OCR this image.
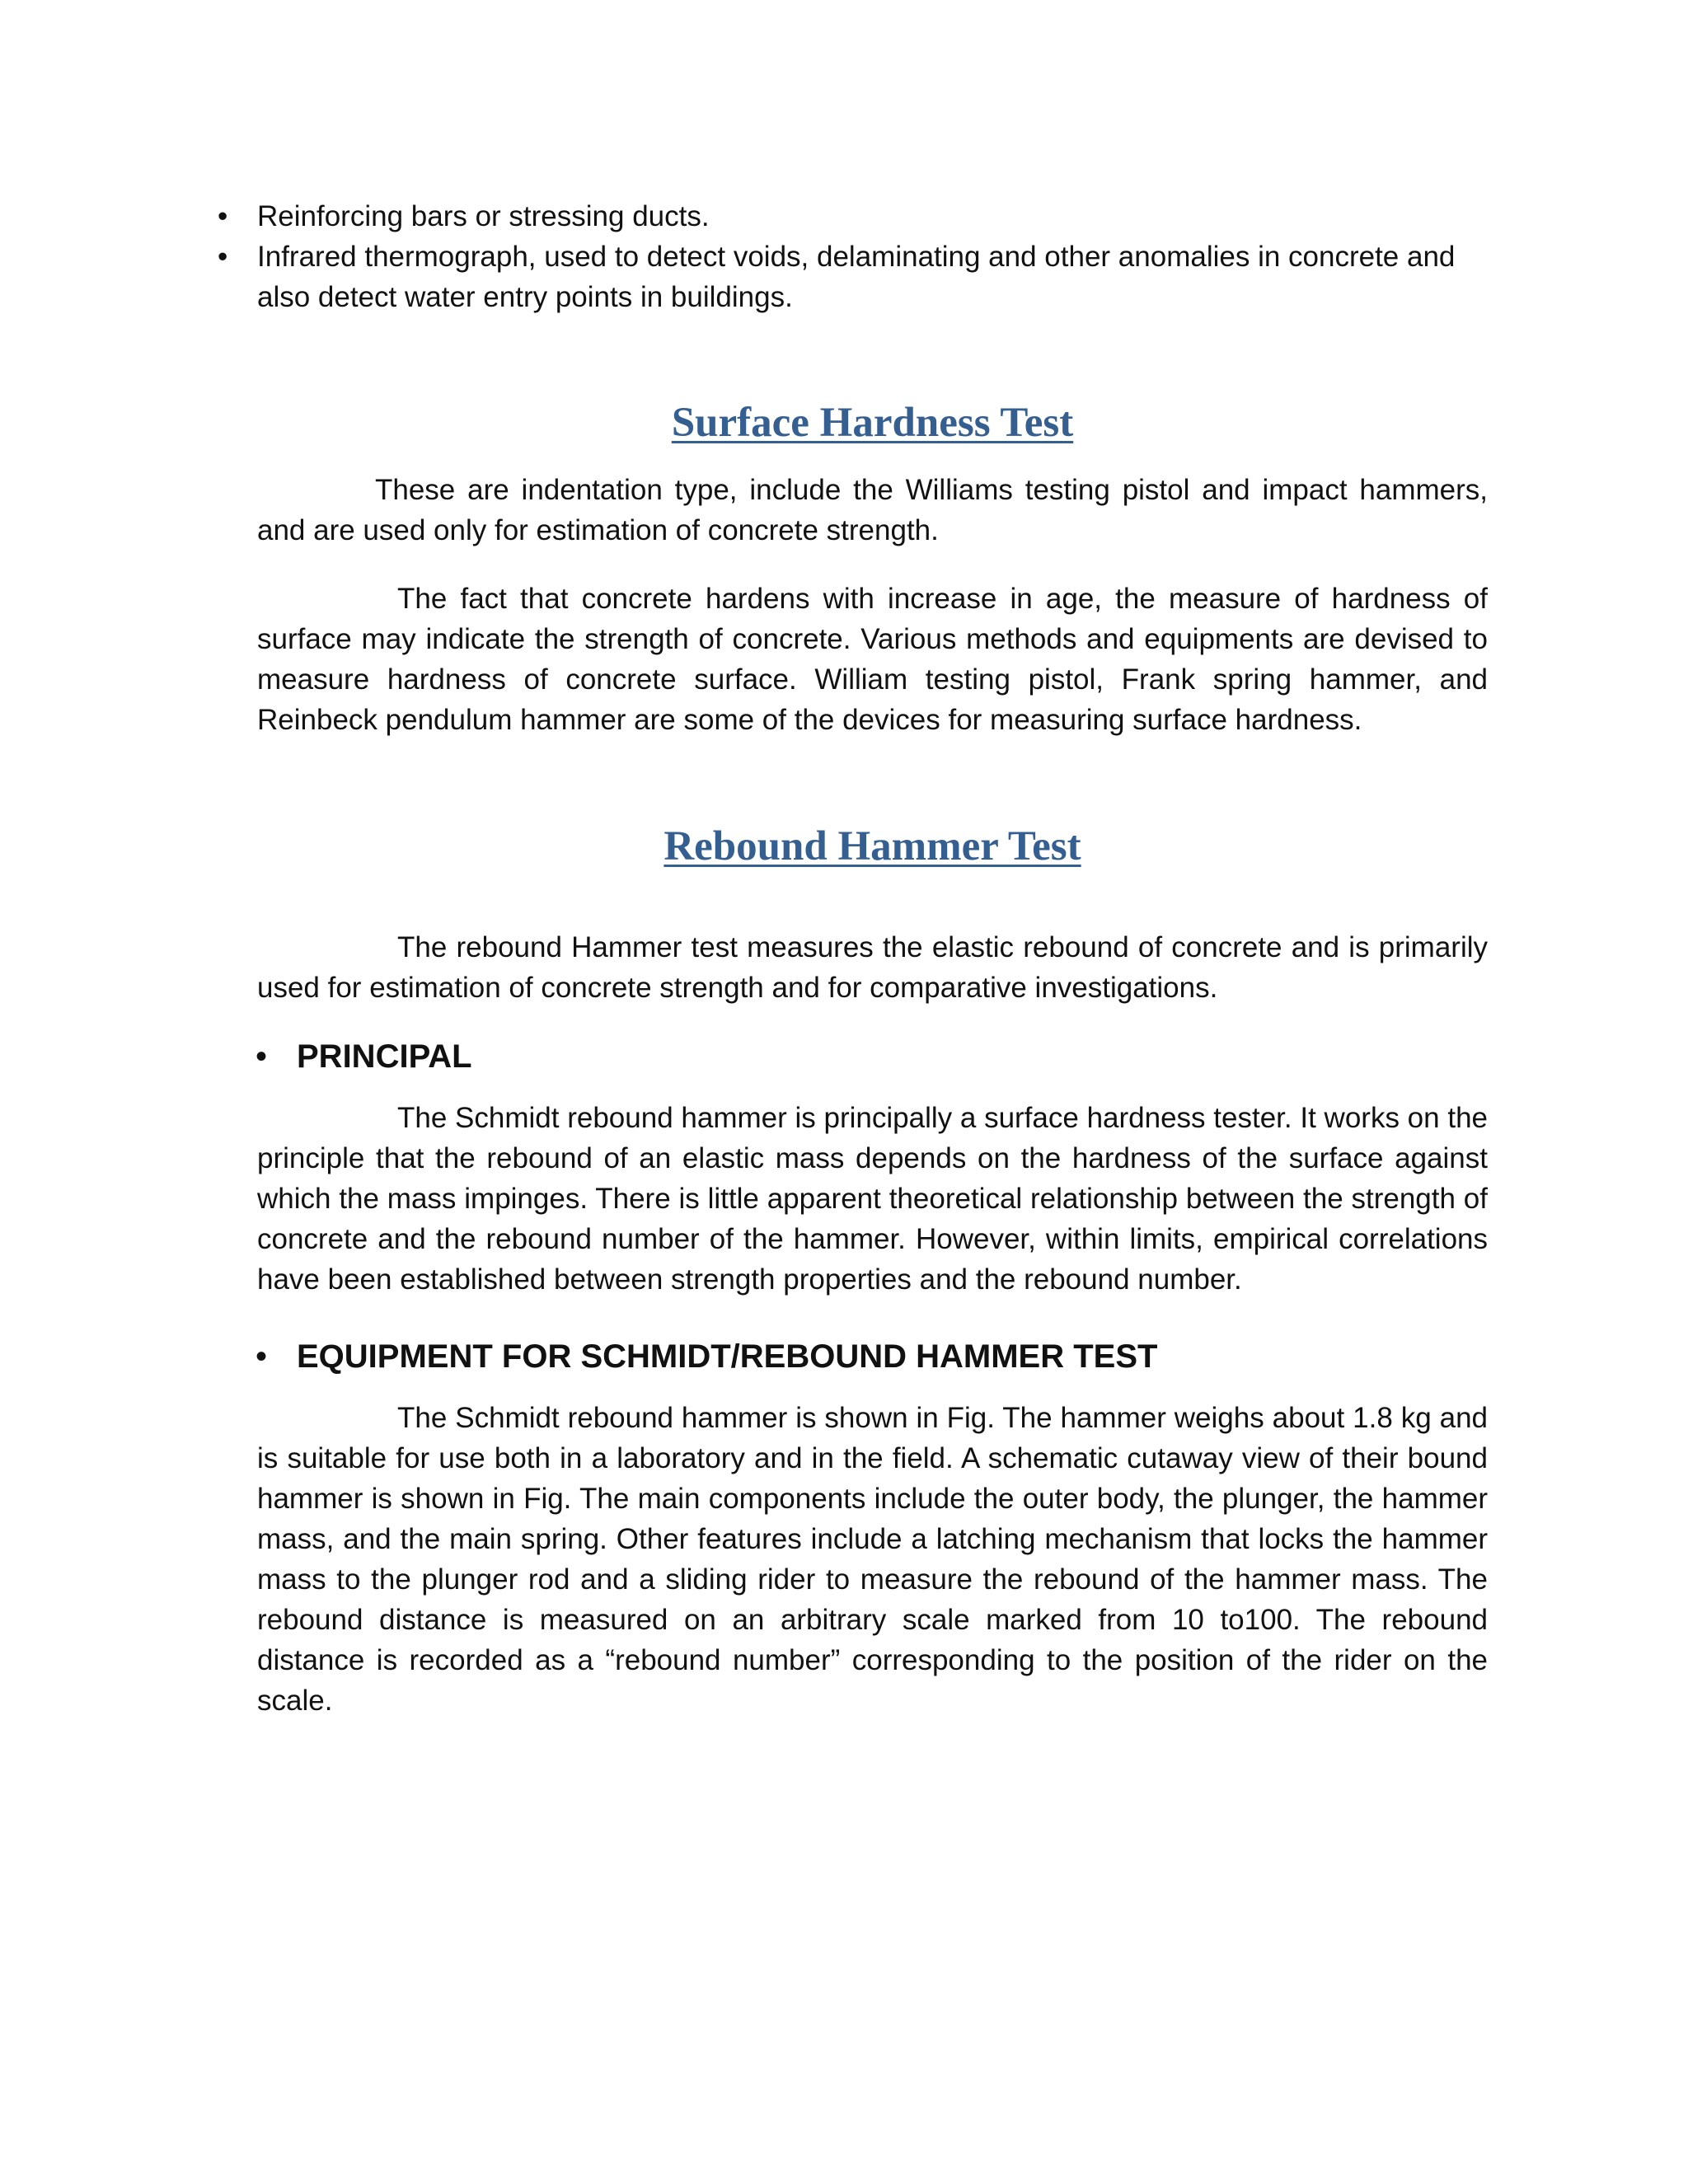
• Reinforcing bars or stressing ducts.
• Infrared thermograph, used to detect voids, delaminating and other anomalies in concrete and also detect water entry points in buildings.
Surface Hardness Test

These are indentation type, include the Williams testing pistol and impact hammers, and are used only for estimation of concrete strength.

The fact that concrete hardens with increase in age, the measure of hardness of surface may indicate the strength of concrete. Various methods and equipments are devised to measure hardness of concrete surface. William testing pistol, Frank spring hammer, and Reinbeck pendulum hammer are some of the devices for measuring surface hardness.

Rebound Hammer Test

The rebound Hammer test measures the elastic rebound of concrete and is primarily used for estimation of concrete strength and for comparative investigations.

• PRINCIPAL

The Schmidt rebound hammer is principally a surface hardness tester. It works on the principle that the rebound of an elastic mass depends on the hardness of the surface against which the mass impinges. There is little apparent theoretical relationship between the strength of concrete and the rebound number of the hammer. However, within limits, empirical correlations have been established between strength properties and the rebound number.

• EQUIPMENT FOR SCHMIDT/REBOUND HAMMER TEST

The Schmidt rebound hammer is shown in Fig. The hammer weighs about 1.8 kg and is suitable for use both in a laboratory and in the field. A schematic cutaway view of their bound hammer is shown in Fig. The main components include the outer body, the plunger, the hammer mass, and the main spring. Other features include a latching mechanism that locks the hammer mass to the plunger rod and a sliding rider to measure the rebound of the hammer mass. The rebound distance is measured on an arbitrary scale marked from 10 to100. The rebound distance is recorded as a “rebound number” corresponding to the position of the rider on the scale.
